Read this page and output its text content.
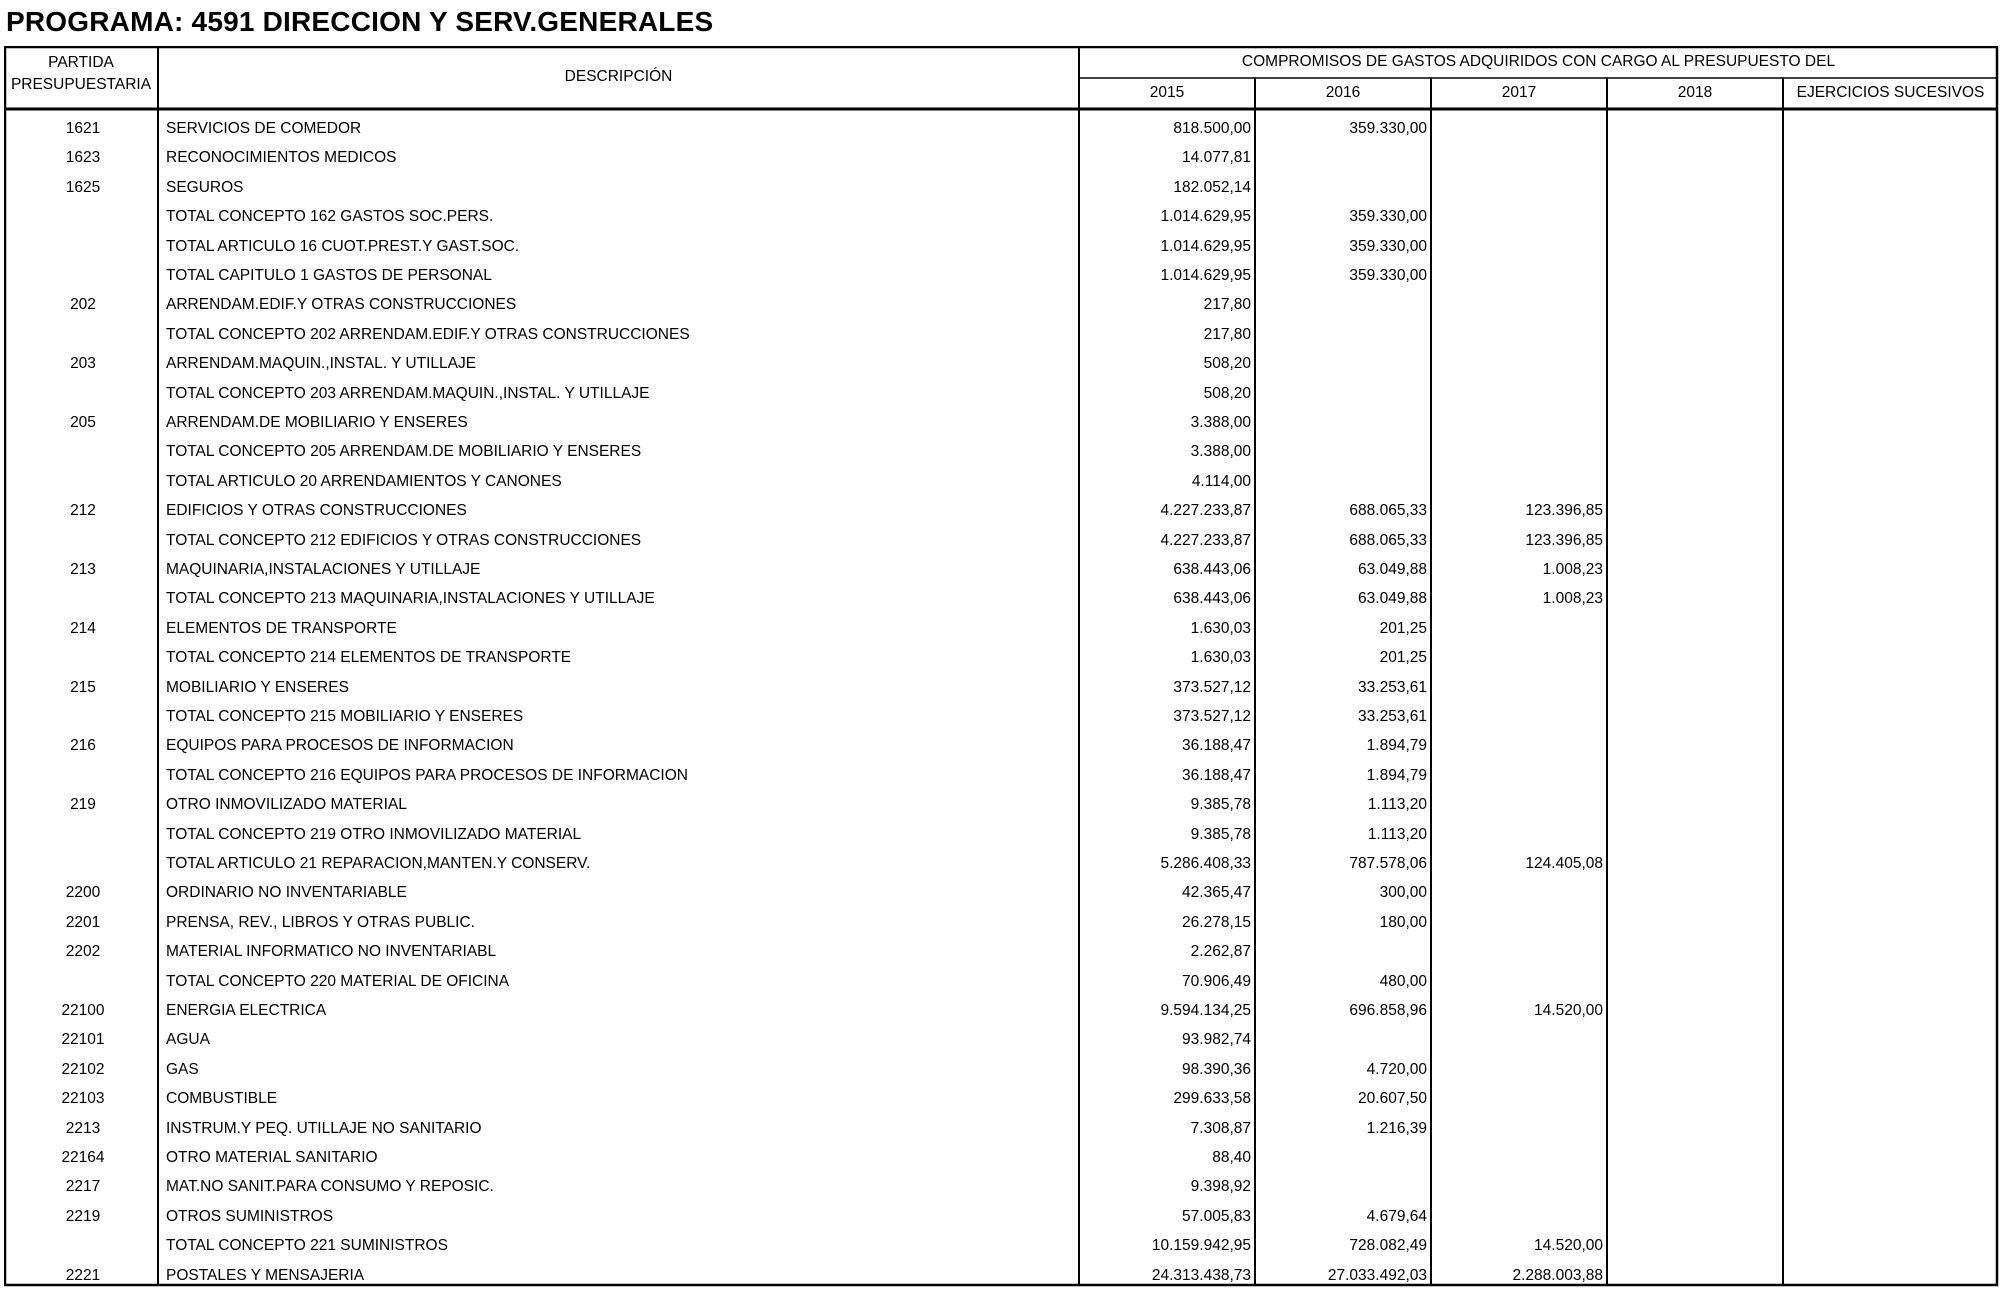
PROGRAMA: 4591 DIRECCION Y SERV.GENERALES
PARTIDA
PRESUPUESTARIA	DESCRIPCIÓN
COMPROMISOS DE GASTOS ADQUIRIDOS CON CARGO AL PRESUPUESTO DEL
2015	2016	2017	2018	EJERCICIOS SUCESIVOS
1621	SERVICIOS DE COMEDOR	818.500,00	359.330,00
1623	RECONOCIMIENTOS MEDICOS	14.077,81
1625	SEGUROS	182.052,14
TOTAL CONCEPTO 162 GASTOS SOC.PERS.	1.014.629,95	359.330,00
TOTAL ARTICULO 16 CUOT.PREST.Y GAST.SOC.	1.014.629,95	359.330,00
TOTAL CAPITULO 1 GASTOS DE PERSONAL	1.014.629,95	359.330,00
202	ARRENDAM.EDIF.Y OTRAS CONSTRUCCIONES	217,80
TOTAL CONCEPTO 202 ARRENDAM.EDIF.Y OTRAS CONSTRUCCIONES	217,80
203	ARRENDAM.MAQUIN.,INSTAL. Y UTILLAJE	508,20
TOTAL CONCEPTO 203 ARRENDAM.MAQUIN.,INSTAL. Y UTILLAJE	508,20
205	ARRENDAM.DE MOBILIARIO Y ENSERES	3.388,00
TOTAL CONCEPTO 205 ARRENDAM.DE MOBILIARIO Y ENSERES	3.388,00
TOTAL ARTICULO 20 ARRENDAMIENTOS Y CANONES	4.114,00
212	EDIFICIOS Y OTRAS CONSTRUCCIONES	4.227.233,87	688.065,33	123.396,85
TOTAL CONCEPTO 212 EDIFICIOS Y OTRAS CONSTRUCCIONES	4.227.233,87	688.065,33	123.396,85
213	MAQUINARIA,INSTALACIONES Y UTILLAJE	638.443,06	63.049,88	1.008,23
TOTAL CONCEPTO 213 MAQUINARIA,INSTALACIONES Y UTILLAJE	638.443,06	63.049,88	1.008,23
214	ELEMENTOS DE TRANSPORTE	1.630,03	201,25
TOTAL CONCEPTO 214 ELEMENTOS DE TRANSPORTE	1.630,03	201,25
215	MOBILIARIO Y ENSERES	373.527,12	33.253,61
TOTAL CONCEPTO 215 MOBILIARIO Y ENSERES	373.527,12	33.253,61
216	EQUIPOS PARA PROCESOS DE INFORMACION	36.188,47	1.894,79
TOTAL CONCEPTO 216 EQUIPOS PARA PROCESOS DE INFORMACION	36.188,47	1.894,79
219	OTRO INMOVILIZADO MATERIAL	9.385,78	1.113,20
TOTAL CONCEPTO 219 OTRO INMOVILIZADO MATERIAL	9.385,78	1.113,20
TOTAL ARTICULO 21 REPARACION,MANTEN.Y CONSERV.	5.286.408,33	787.578,06	124.405,08
2200	ORDINARIO NO INVENTARIABLE	42.365,47	300,00
2201	PRENSA, REV., LIBROS Y OTRAS PUBLIC.	26.278,15	180,00
2202	MATERIAL INFORMATICO NO INVENTARIABL	2.262,87
TOTAL CONCEPTO 220 MATERIAL DE OFICINA	70.906,49	480,00
22100	ENERGIA ELECTRICA	9.594.134,25	696.858,96	14.520,00
22101	AGUA	93.982,74
22102	GAS	98.390,36	4.720,00
22103	COMBUSTIBLE	299.633,58	20.607,50
2213	INSTRUM.Y PEQ. UTILLAJE NO SANITARIO	7.308,87	1.216,39
22164	OTRO MATERIAL SANITARIO	88,40
2217	MAT.NO SANIT.PARA CONSUMO Y REPOSIC.	9.398,92
2219	OTROS SUMINISTROS	57.005,83	4.679,64
TOTAL CONCEPTO 221 SUMINISTROS	10.159.942,95	728.082,49	14.520,00
2221	POSTALES Y MENSAJERIA	24.313.438,73	27.033.492,03	2.288.003,88
